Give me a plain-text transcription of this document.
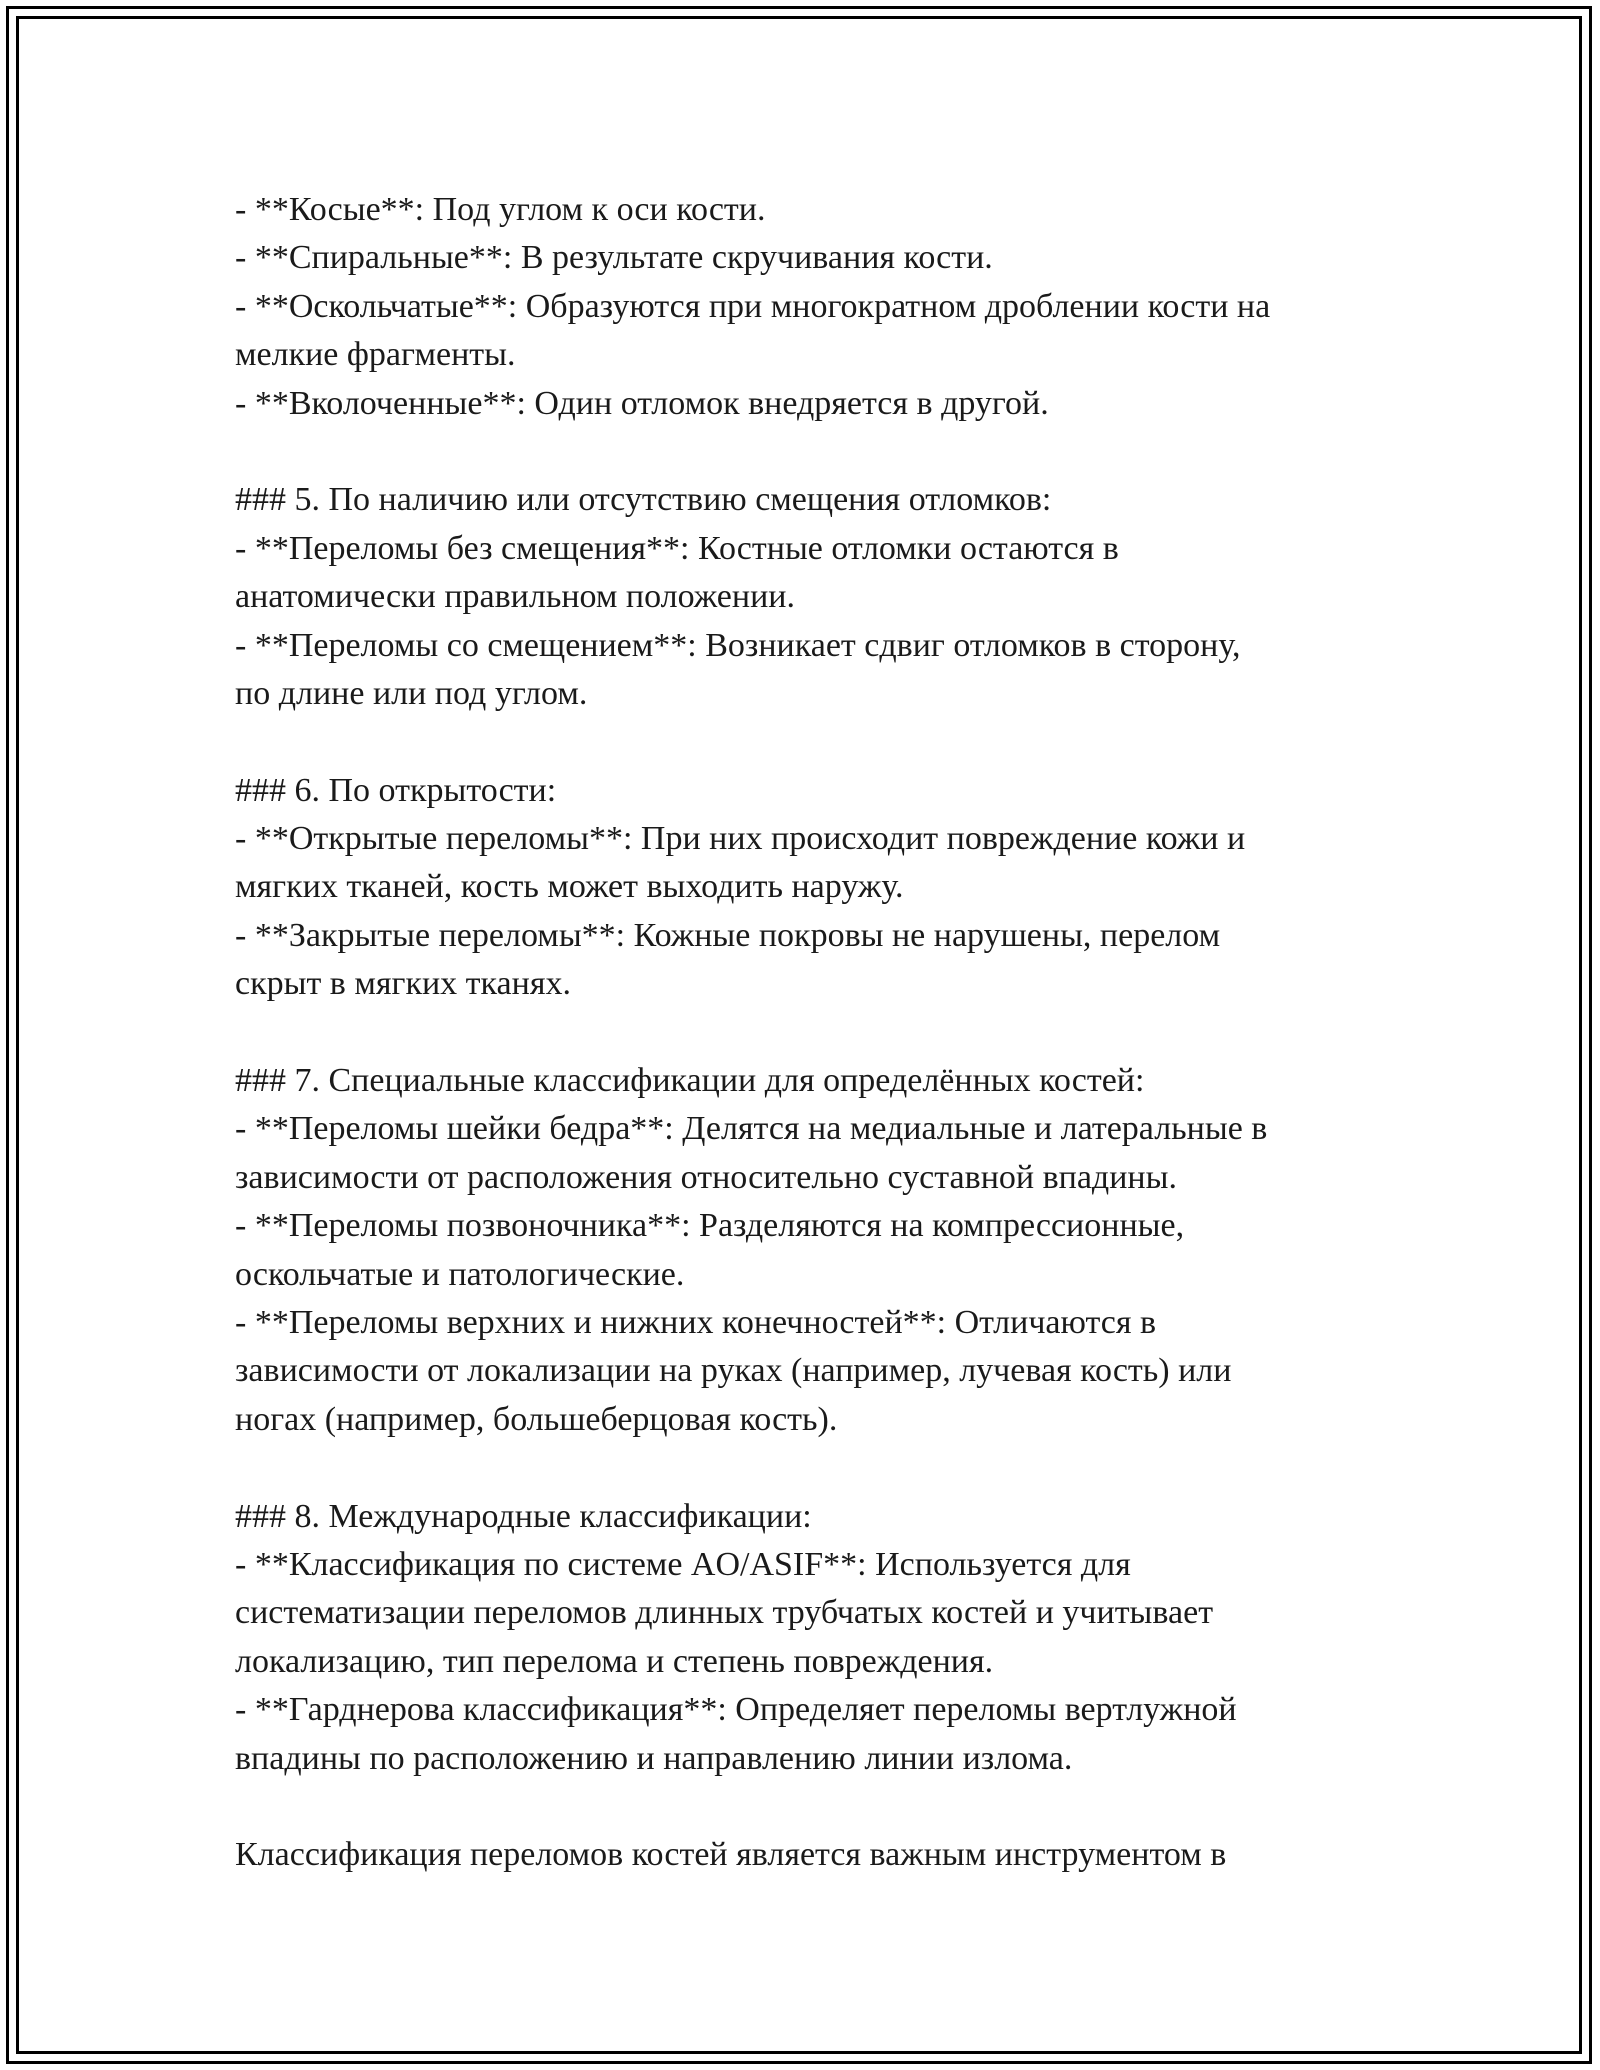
- **Косые**: Под углом к оси кости.
- **Спиральные**: В результате скручивания кости.
- **Оскольчатые**: Образуются при многократном дроблении кости на
мелкие фрагменты.
- **Вколоченные**: Один отломок внедряется в другой.
### 5. По наличию или отсутствию смещения отломков:
- **Переломы без смещения**: Костные отломки остаются в
анатомически правильном положении.
- **Переломы со смещением**: Возникает сдвиг отломков в сторону,
по длине или под углом.
### 6. По открытости:
- **Открытые переломы**: При них происходит повреждение кожи и
мягких тканей, кость может выходить наружу.
- **Закрытые переломы**: Кожные покровы не нарушены, перелом
скрыт в мягких тканях.
### 7. Специальные классификации для определённых костей:
- **Переломы шейки бедра**: Делятся на медиальные и латеральные в
зависимости от расположения относительно суставной впадины.
- **Переломы позвоночника**: Разделяются на компрессионные,
оскольчатые и патологические.
- **Переломы верхних и нижних конечностей**: Отличаются в
зависимости от локализации на руках (например, лучевая кость) или
ногах (например, большеберцовая кость).
### 8. Международные классификации:
- **Классификация по системе AO/ASIF**: Используется для
систематизации переломов длинных трубчатых костей и учитывает
локализацию, тип перелома и степень повреждения.
- **Гарднерова классификация**: Определяет переломы вертлужной
впадины по расположению и направлению линии излома.
Классификация переломов костей является важным инструментом в
